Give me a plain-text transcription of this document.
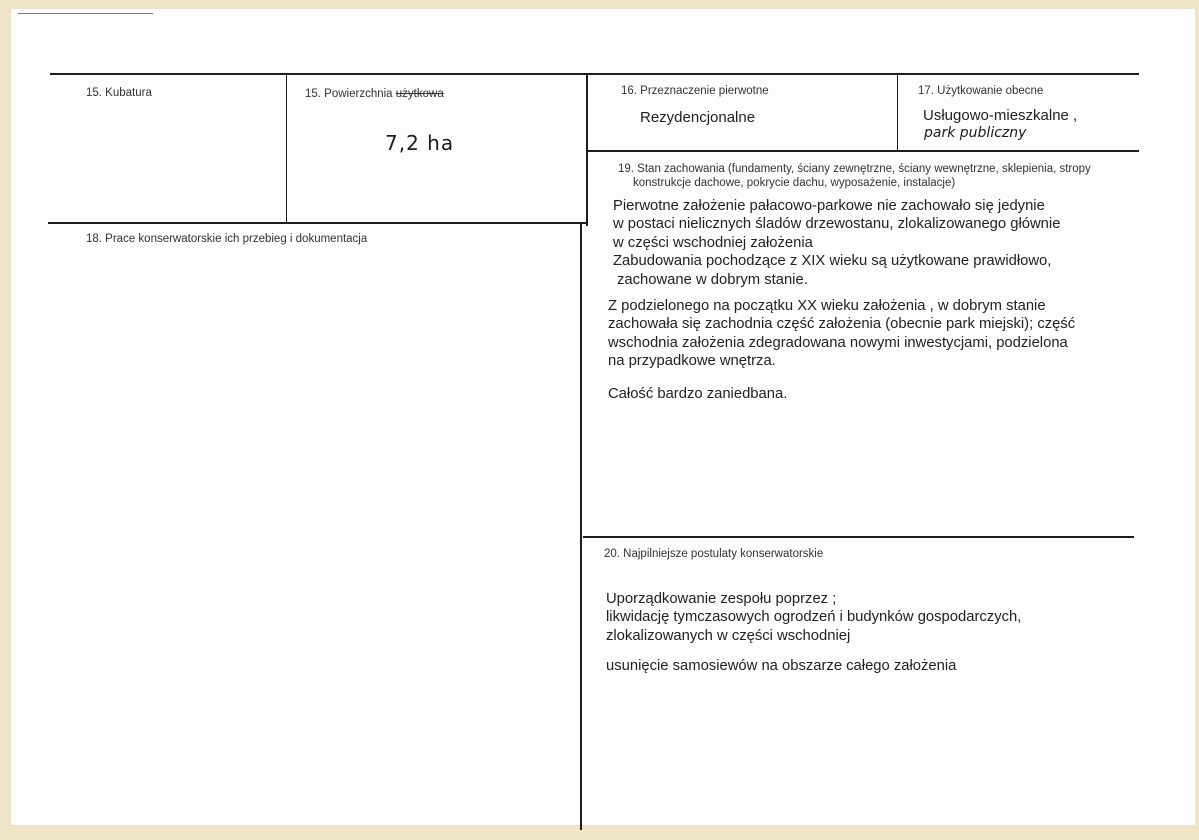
15. Kubatura	15. Powierzchnia użytkowa
7,2 ha
16. Przeznaczenie pierwotne
Rezydencjonalne
17. Użytkowanie obecne
Usługowo-mieszkalne ,
park publiczny
18. Prace konserwatorskie ich przebieg i dokumentacja
19. Stan zachowania (fundamenty, ściany zewnętrzne, ściany wewnętrzne, sklepienia, stropy
konstrukcje dachowe, pokrycie dachu, wyposażenie, instalacje)
Pierwotne założenie pałacowo-parkowe nie zachowało się jedynie
w postaci nielicznych śladów drzewostanu, zlokalizowanego głównie
w części wschodniej założenia
Zabudowania pochodzące z XIX wieku są użytkowane prawidłowo,
zachowane w dobrym stanie.
Z podzielonego na początku XX wieku założenia , w dobrym stanie
zachowała się zachodnia część założenia (obecnie park miejski); część
wschodnia założenia zdegradowana nowymi inwestycjami, podzielona
na przypadkowe wnętrza.
Całość bardzo zaniedbana.
20. Najpilniejsze postulaty konserwatorskie
Uporządkowanie zespołu poprzez ;
likwidację tymczasowych ogrodzeń i budynków gospodarczych,
zlokalizowanych w części wschodniej
usunięcie samosiewów na obszarze całego założenia
